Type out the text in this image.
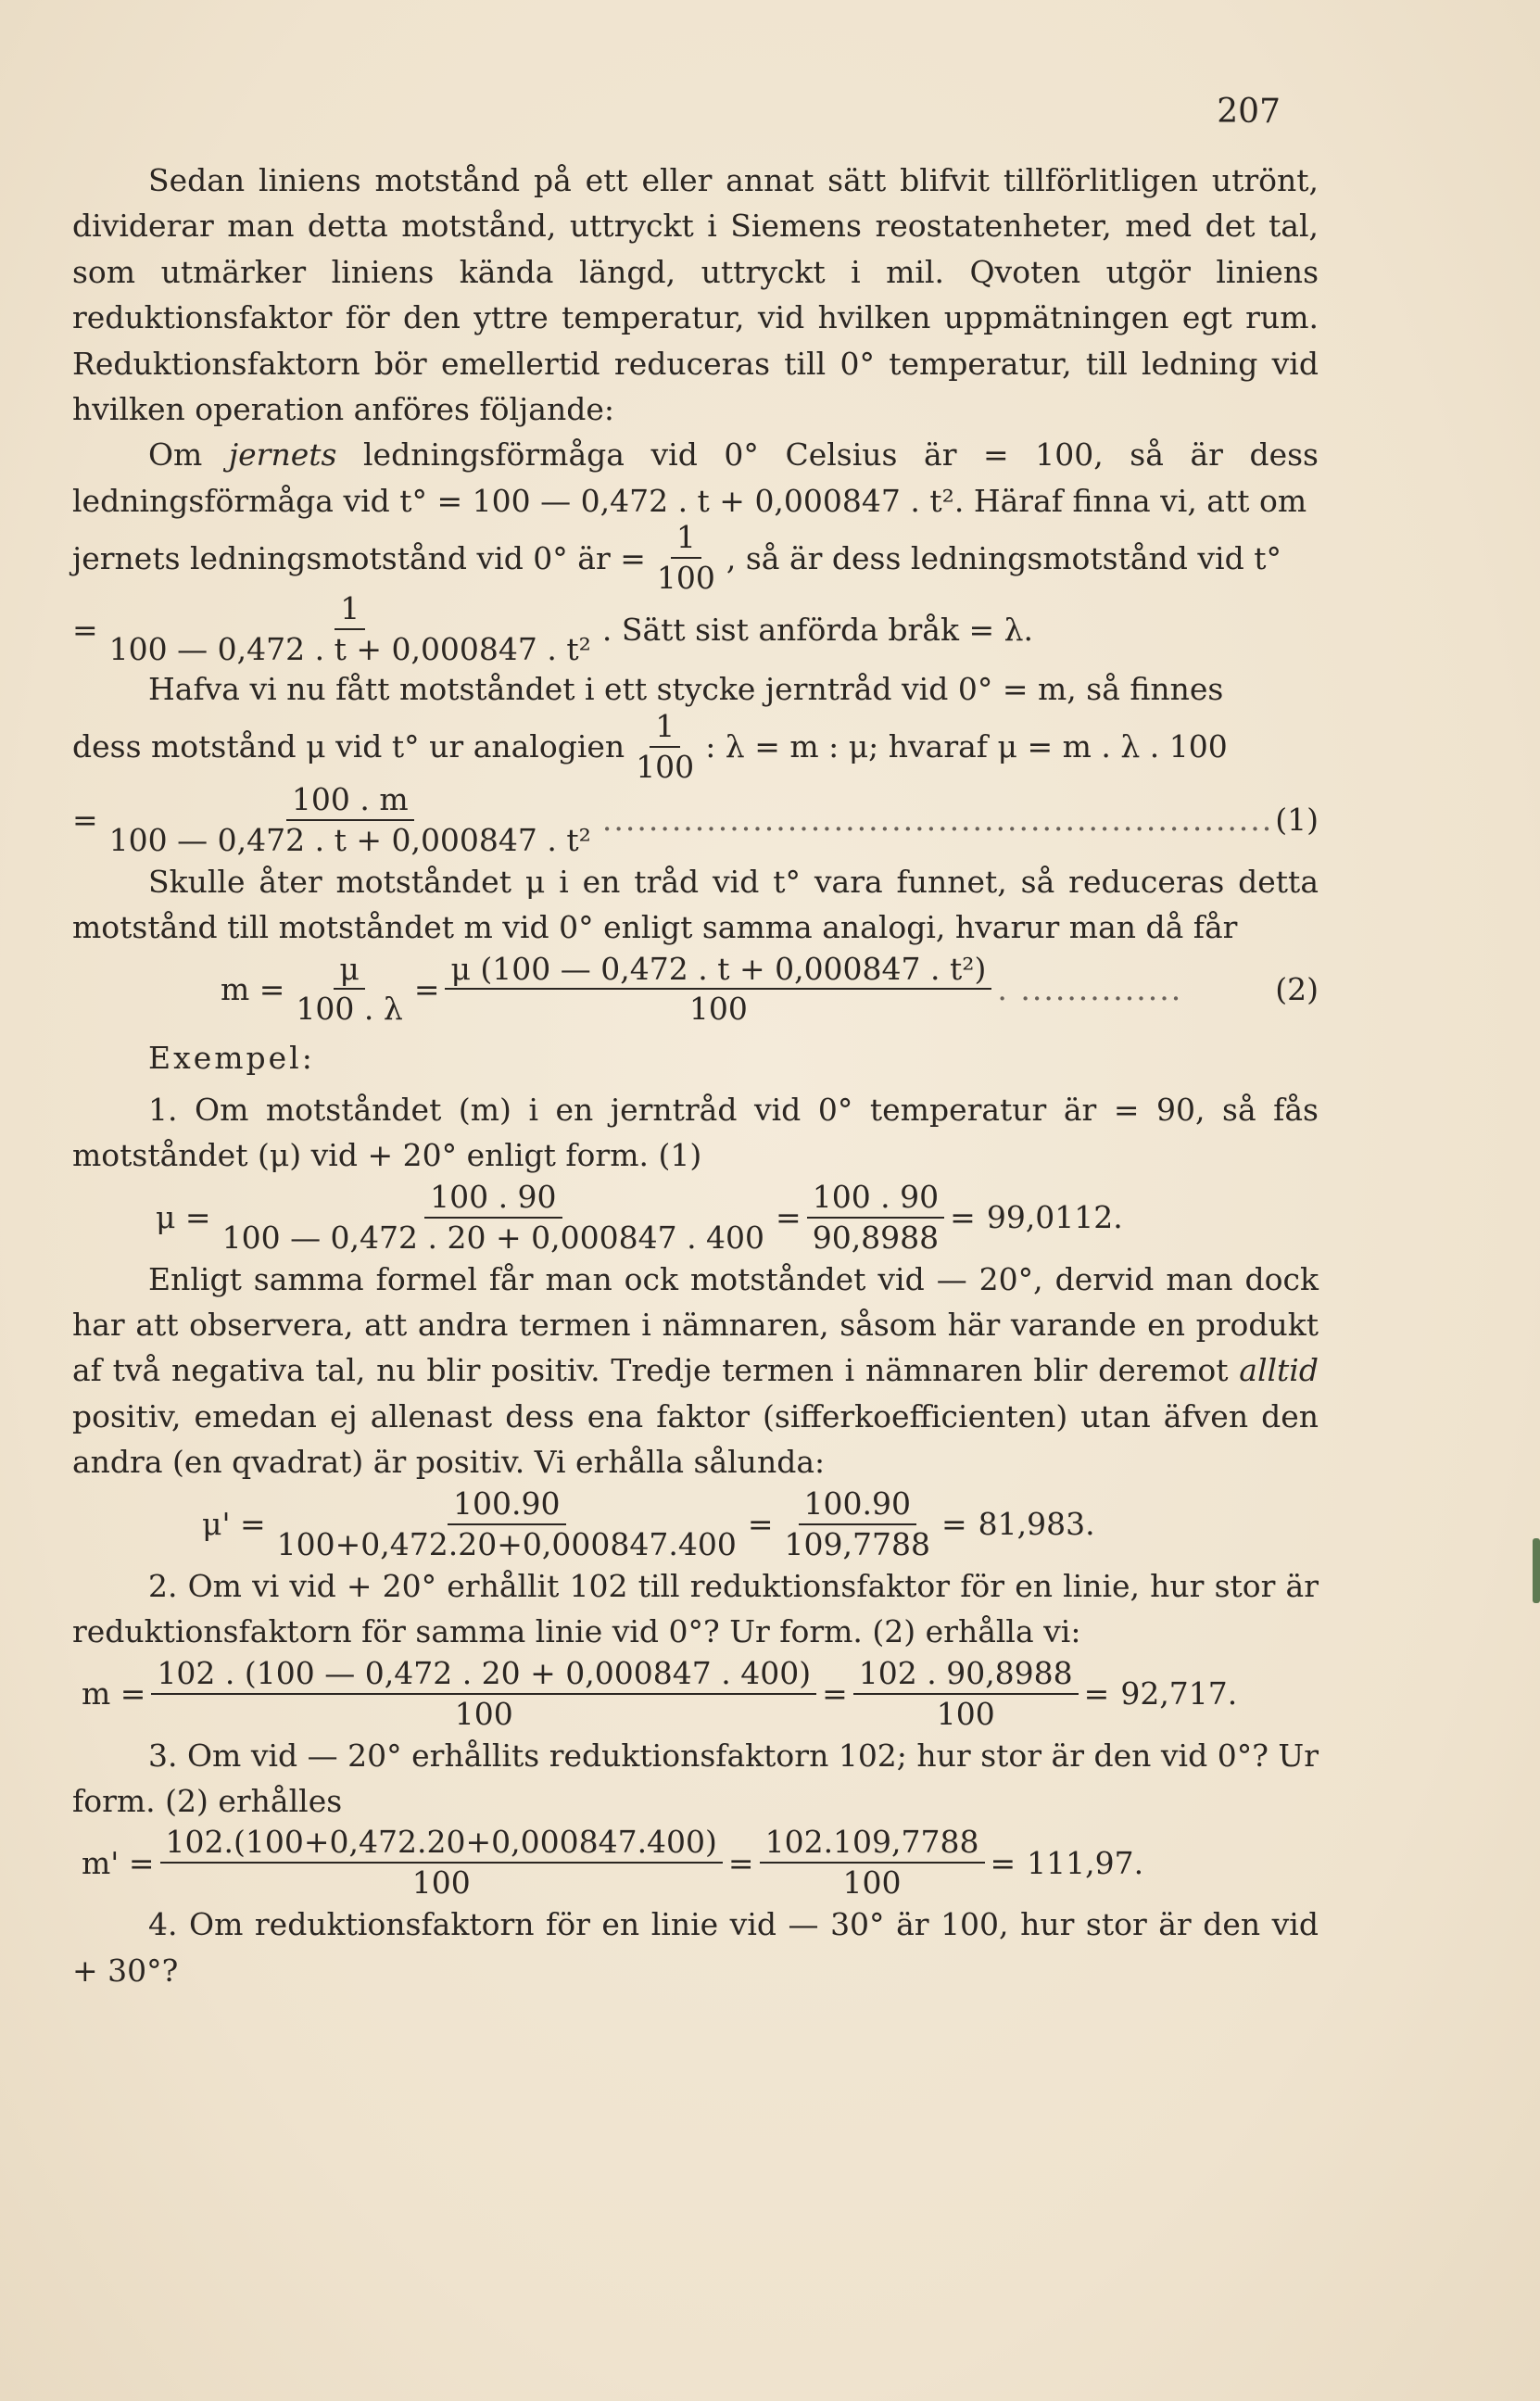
207

Sedan liniens motstånd på ett eller annat sätt blifvit tillförlitligen utrönt, dividerar man detta motstånd, uttryckt i Siemens reostatenheter, med det tal, som utmärker liniens kända längd, uttryckt i mil. Qvoten utgör liniens reduktionsfaktor för den yttre temperatur, vid hvilken uppmätningen egt rum. Reduktionsfaktorn bör emellertid reduceras till 0° temperatur, till ledning vid hvilken operation anföres följande:

Om jernets ledningsförmåga vid 0° Celsius är = 100, så är dess ledningsförmåga vid t° = 100 — 0,472 . t + 0,000847 . t². Häraf finna vi, att om

jernets ledningsmotstånd vid 0° är = $\frac{1}{100}$ , så är dess ledningsmotstånd vid t°
= $\frac{1}{\text{100 — 0,472 . t + 0,000847 . t²}}$ . Sätt sist anförda bråk = λ.

Hafva vi nu fått motståndet i ett stycke jerntråd vid 0° = m, så finnes

dess motstånd μ vid t° ur analogien $\frac{1}{100}$ : λ = m : μ; hvaraf μ = m . λ . 100
= $\frac{100 . m}{\text{100 — 0,472 . t + 0,000847 . t²}}$ .......................................................... (1)

Skulle åter motståndet μ i en tråd vid t° vara funnet, så reduceras detta motstånd till motståndet m vid 0° enligt samma analogi, hvarur man då får

$m = \frac{\mu}{100 . \lambda} = \frac{\text{μ (100 — 0,472 . t + 0,000847 . t²)}}{100}$ . ..............	(2)
Exempel:

1. Om motståndet (m) i en jerntråd vid 0° temperatur är = 90, så fås motståndet (μ) vid + 20° enligt form. (1)

$\mu = \frac{100 . 90}{100 — 0,472 . 20 + 0,000847 . 400} = \frac{100 . 90}{90,8988} = 99,0112$.

Enligt samma formel får man ock motståndet vid — 20°, dervid man dock har att observera, att andra termen i nämnaren, såsom här varande en produkt af två negativa tal, nu blir positiv. Tredje termen i nämnaren blir deremot alltid positiv, emedan ej allenast dess ena faktor (sifferkoefficienten) utan äfven den andra (en qvadrat) är positiv. Vi erhålla sålunda:

$\mu' = \frac{100.90}{100+0,472.20+0,000847.400} = \frac{100.90}{109,7788} = 81,983$.

2. Om vi vid + 20° erhållit 102 till reduktionsfaktor för en linie, hur stor är reduktionsfaktorn för samma linie vid 0°? Ur form. (2) erhålla vi:

$m = \frac{102 . (100 — 0,472 . 20 + 0,000847 . 400)}{100} = \frac{102 . 90,8988}{100} = 92,717$.

3. Om vid — 20° erhållits reduktionsfaktorn 102; hur stor är den vid 0°? Ur form. (2) erhålles

$m' = \frac{102.(100+0,472.20+0,000847.400)}{100} = \frac{102.109,7788}{100} = 111,97$.

4. Om reduktionsfaktorn för en linie vid — 30° är 100, hur stor är den vid + 30°?
